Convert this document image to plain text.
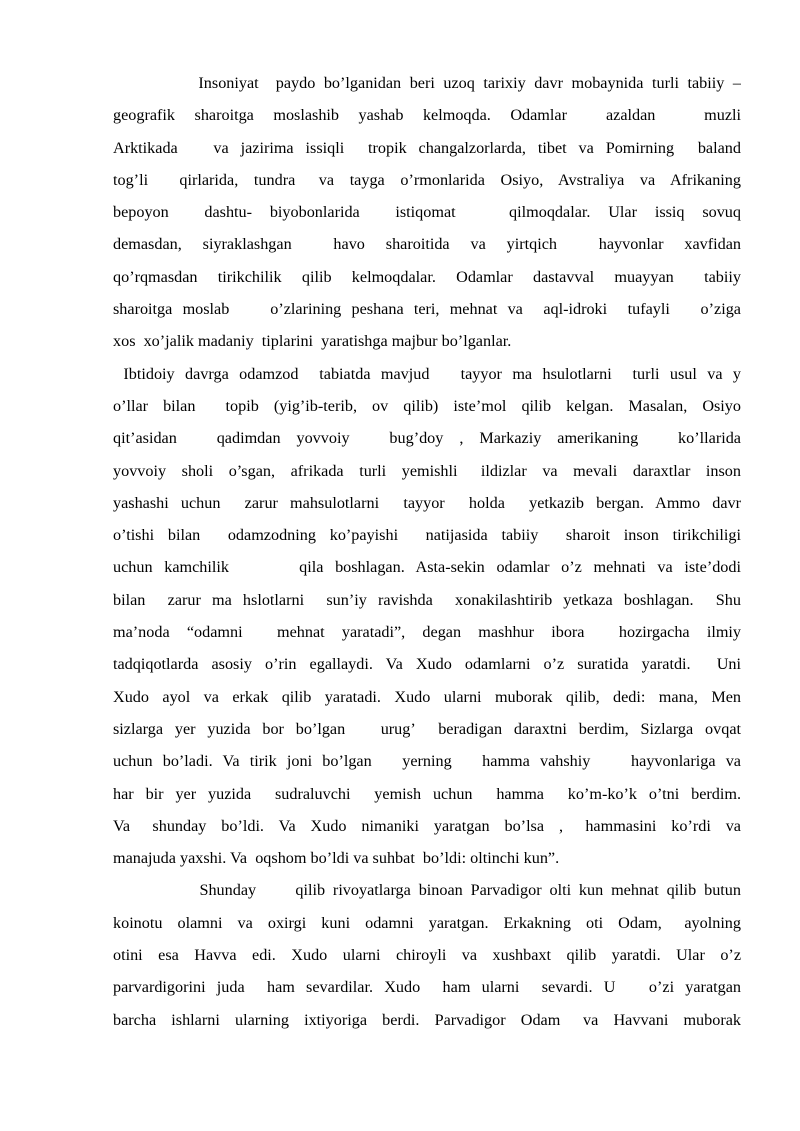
Insoniyat  paydo bo’lganidan beri uzoq tarixiy davr mobaynida turli tabiiy –
geografik  sharoitga  moslashib  yashab  kelmoqda.  Odamlar    azaldan     muzli
Arktikada   va jazirima issiqli  tropik changalzorlarda, tibet va Pomirning  baland
tog’li    qirlarida,  tundra   va  tayga  o’rmonlarida  Osiyo,  Avstraliya  va  Afrikaning
bepoyon    dashtu-  biyobonlarida    istiqomat      qilmoqdalar.  Ular  issiq  sovuq
demasdan,  siyraklashgan    havo  sharoitida  va  yirtqich    hayvonlar  xavfidan
qo’rqmasdan  tirikchilik  qilib  kelmoqdalar.  Odamlar  dastavval  muayyan   tabiiy
sharoitga moslab    o’zlarining peshana teri, mehnat va  aql-idroki  tufayli   o’ziga
xos  xo’jalik madaniy  tiplarini  yaratishga majbur bo’lganlar.
Ibtidoiy davrga odamzod  tabiatda mavjud   tayyor ma hsulotlarni  turli usul va y
o’llar  bilan    topib  (yig’ib-terib,  ov  qilib)  iste’mol  qilib  kelgan.  Masalan,  Osiyo
qit’asidan     qadimdan  yovvoiy     bug’doy  ,  Markaziy  amerikaning     ko’llarida
yovvoiy  sholi  o’sgan,  afrikada  turli  yemishli   ildizlar  va  mevali  daraxtlar  inson
yashashi uchun  zarur mahsulotlarni  tayyor  holda  yetkazib bergan. Ammo davr
o’tishi bilan  odamzodning ko’payishi  natijasida tabiiy  sharoit inson tirikchiligi
uchun kamchilik      qila boshlagan. Asta-sekin odamlar o’z mehnati va iste’dodi
bilan  zarur ma hslotlarni  sun’iy ravishda  xonakilashtirib yetkaza boshlagan.  Shu
ma’noda  “odamni    mehnat  yaratadi”,  degan  mashhur  ibora    hozirgacha  ilmiy
tadqiqotlarda asosiy o’rin egallaydi. Va Xudo odamlarni o’z suratida yaratdi.  Uni
Xudo ayol va erkak qilib yaratadi. Xudo ularni muborak qilib, dedi: mana, Men
sizlarga yer yuzida bor bo’lgan   urug’  beradigan daraxtni berdim, Sizlarga ovqat
uchun bo’ladi. Va tirik joni bo’lgan   yerning   hamma vahshiy    hayvonlariga va
har bir yer yuzida  sudraluvchi  yemish uchun  hamma  ko’m-ko’k o’tni berdim.
Va   shunday  bo’ldi.  Va  Xudo  nimaniki  yaratgan  bo’lsa  ,   hammasini  ko’rdi  va
manajuda yaxshi. Va  oqshom bo’ldi va suhbat  bo’ldi: oltinchi kun”.
Shunday     qilib rivoyatlarga binoan Parvadigor olti kun mehnat qilib butun
koinotu  olamni  va  oxirgi  kuni  odamni  yaratgan.  Erkakning  oti  Odam,   ayolning
otini  esa  Havva  edi.  Xudo  ularni  chiroyli  va  xushbaxt  qilib  yaratdi.  Ular  o’z
parvardigorini juda  ham sevardilar. Xudo  ham ularni  sevardi. U   o’zi yaratgan
barcha  ishlarni  ularning  ixtiyoriga  berdi.  Parvadigor  Odam   va  Havvani  muborak
